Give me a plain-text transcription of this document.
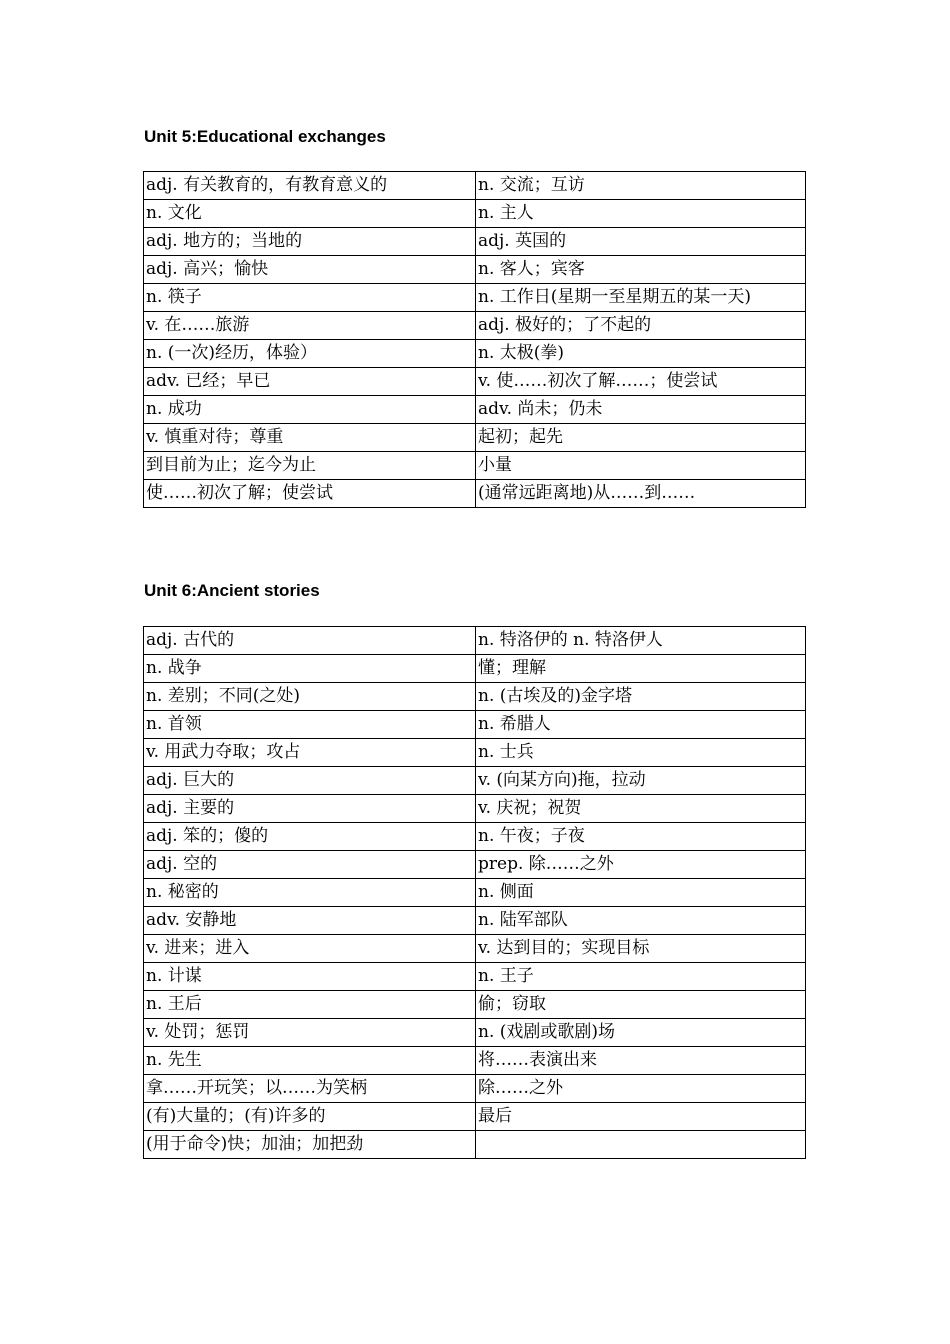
Unit 5:Educational exchanges
adj. 有关教育的，有教育意义的	n. 交流；互访
n. 文化	n. 主人
adj. 地方的；当地的	adj. 英国的
adj. 高兴；愉快	n. 客人；宾客
n. 筷子	n. 工作日(星期一至星期五的某一天)
v. 在……旅游	adj. 极好的；了不起的
n. (一次)经历，体验）	n. 太极(拳)
adv. 已经；早已	v. 使……初次了解……；使尝试
n. 成功	adv. 尚未；仍未
v. 慎重对待；尊重	起初；起先
到目前为止；迄今为止	小量
使……初次了解；使尝试	(通常远距离地)从……到……
Unit 6:Ancient stories
adj. 古代的	n. 特洛伊的 n. 特洛伊人
n. 战争	懂；理解
n. 差别；不同(之处)	n. (古埃及的)金字塔
n. 首领	n. 希腊人
v. 用武力夺取；攻占	n. 士兵
adj. 巨大的	v. (向某方向)拖，拉动
adj. 主要的	v. 庆祝；祝贺
adj. 笨的；傻的	n. 午夜；子夜
adj. 空的	prep. 除……之外
n. 秘密的	n. 侧面
adv. 安静地	n. 陆军部队
v. 进来；进入	v. 达到目的；实现目标
n. 计谋	n. 王子
n. 王后	偷；窃取
v. 处罚；惩罚	n. (戏剧或歌剧)场
n. 先生	将……表演出来
拿……开玩笑；以……为笑柄	除……之外
(有)大量的；(有)许多的	最后
(用于命令)快；加油；加把劲	
